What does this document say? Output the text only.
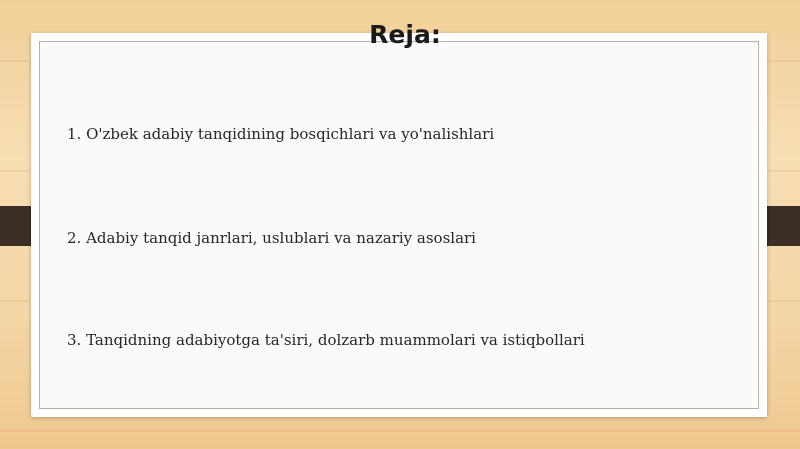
Reja:
1. O'zbek adabiy tanqidining bosqichlari va yo'nalishlari
2. Adabiy tanqid janrlari, uslublari va nazariy asoslari
3. Tanqidning adabiyotga ta'siri, dolzarb muammolari va istiqbollari
